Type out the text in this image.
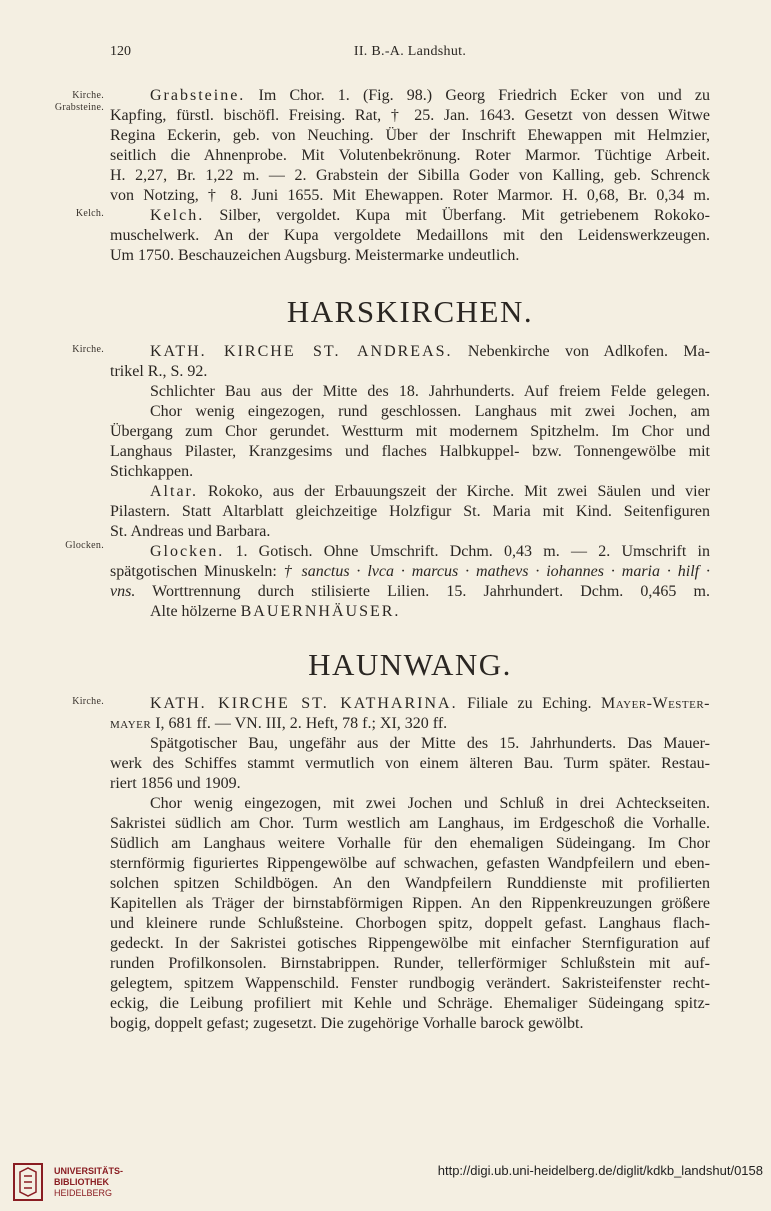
120	II. B.-A. Landshut.
Kirche.
Grabsteine.
Kelch.
Kirche.
Glocken.
Kirche.
Grabsteine. Im Chor. 1. (Fig. 98.) Georg Friedrich Ecker von und zu
Kapfing, fürstl. bischöfl. Freising. Rat, † 25. Jan. 1643. Gesetzt von dessen Witwe
Regina Eckerin, geb. von Neuching. Über der Inschrift Ehewappen mit Helmzier,
seitlich die Ahnenprobe. Mit Volutenbekrönung. Roter Marmor. Tüchtige Arbeit.
H. 2,27, Br. 1,22 m. — 2. Grabstein der Sibilla Goder von Kalling, geb. Schrenck
von Notzing, † 8. Juni 1655. Mit Ehewappen. Roter Marmor. H. 0,68, Br. 0,34 m.
Kelch. Silber, vergoldet. Kupa mit Überfang. Mit getriebenem Rokoko-
muschelwerk. An der Kupa vergoldete Medaillons mit den Leidenswerkzeugen.
Um 1750. Beschauzeichen Augsburg. Meistermarke undeutlich.
HARSKIRCHEN.
KATH. KIRCHE ST. ANDREAS. Nebenkirche von Adlkofen. Ma-
trikel R., S. 92.
Schlichter Bau aus der Mitte des 18. Jahrhunderts. Auf freiem Felde gelegen.
Chor wenig eingezogen, rund geschlossen. Langhaus mit zwei Jochen, am
Übergang zum Chor gerundet. Westturm mit modernem Spitzhelm. Im Chor und
Langhaus Pilaster, Kranzgesims und flaches Halbkuppel- bzw. Tonnengewölbe mit
Stichkappen.
Altar. Rokoko, aus der Erbauungszeit der Kirche. Mit zwei Säulen und vier
Pilastern. Statt Altarblatt gleichzeitige Holzfigur St. Maria mit Kind. Seitenfiguren
St. Andreas und Barbara.
Glocken. 1. Gotisch. Ohne Umschrift. Dchm. 0,43 m. — 2. Umschrift in
spätgotischen Minuskeln: † sanctus · lvca · marcus · mathevs · iohannes · maria · hilf ·
vns. Worttrennung durch stilisierte Lilien. 15. Jahrhundert. Dchm. 0,465 m.
Alte hölzerne BAUERNHÄUSER.
HAUNWANG.
KATH. KIRCHE ST. KATHARINA. Filiale zu Eching. Mayer-Wester-
mayer I, 681 ff. — VN. III, 2. Heft, 78 f.; XI, 320 ff.
Spätgotischer Bau, ungefähr aus der Mitte des 15. Jahrhunderts. Das Mauer-
werk des Schiffes stammt vermutlich von einem älteren Bau. Turm später. Restau-
riert 1856 und 1909.
Chor wenig eingezogen, mit zwei Jochen und Schluß in drei Achteckseiten.
Sakristei südlich am Chor. Turm westlich am Langhaus, im Erdgeschoß die Vorhalle.
Südlich am Langhaus weitere Vorhalle für den ehemaligen Südeingang. Im Chor
sternförmig figuriertes Rippengewölbe auf schwachen, gefasten Wandpfeilern und eben-
solchen spitzen Schildbögen. An den Wandpfeilern Runddienste mit profilierten
Kapitellen als Träger der birnstabförmigen Rippen. An den Rippenkreuzungen größere
und kleinere runde Schlußsteine. Chorbogen spitz, doppelt gefast. Langhaus flach-
gedeckt. In der Sakristei gotisches Rippengewölbe mit einfacher Sternfiguration auf
runden Profilkonsolen. Birnstabrippen. Runder, tellerförmiger Schlußstein mit auf-
gelegtem, spitzem Wappenschild. Fenster rundbogig verändert. Sakristeifenster recht-
eckig, die Leibung profiliert mit Kehle und Schräge. Ehemaliger Südeingang spitz-
bogig, doppelt gefast; zugesetzt. Die zugehörige Vorhalle barock gewölbt.
UNIVERSITÄTS-
BIBLIOTHEK
HEIDELBERG
http://digi.ub.uni-heidelberg.de/diglit/kdkb_landshut/0158
